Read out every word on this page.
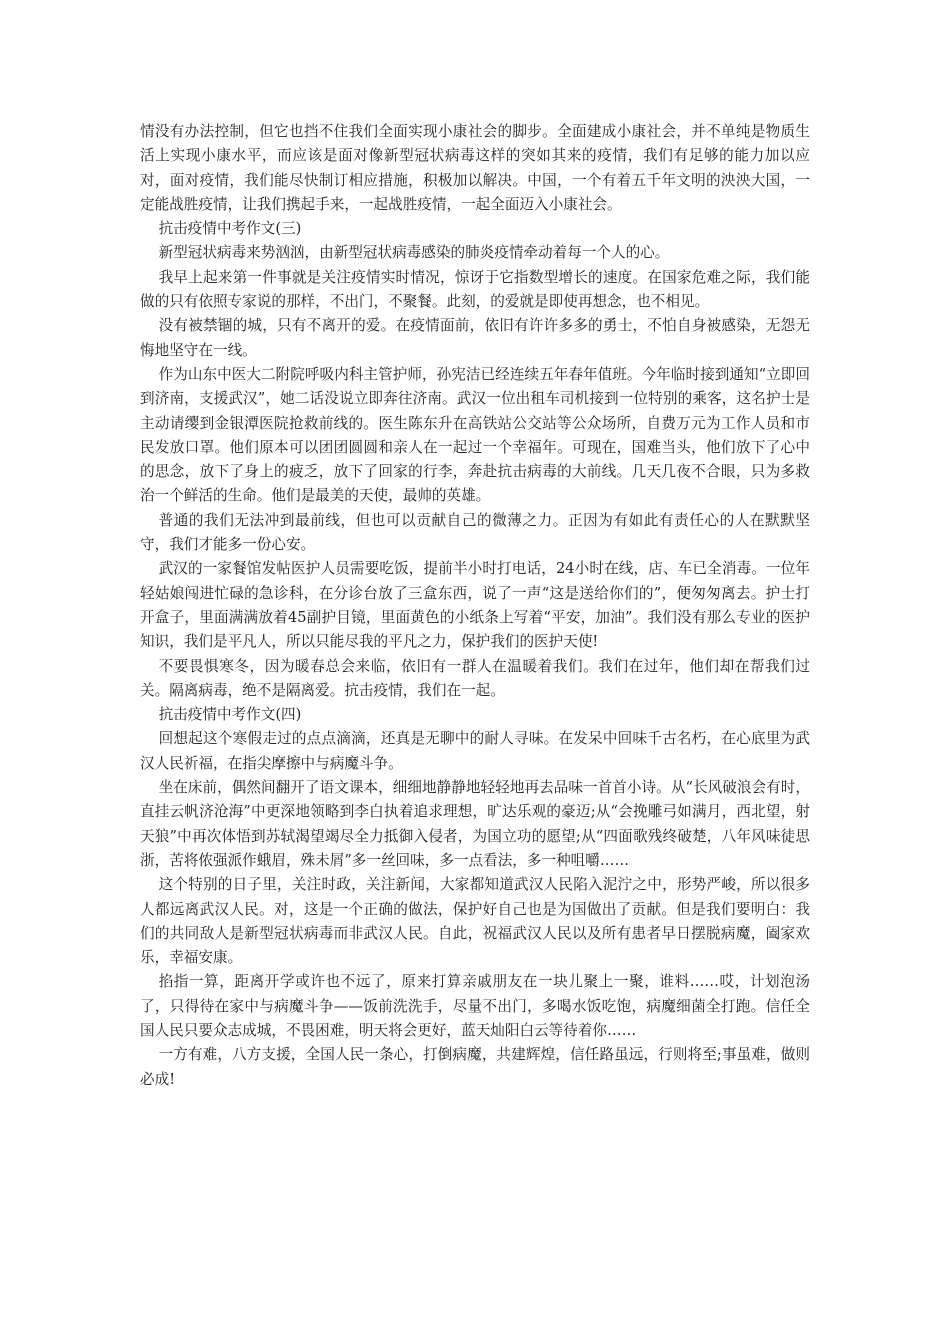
情没有办法控制，但它也挡不住我们全面实现小康社会的脚步。全面建成小康社会，并不单纯是物质生活上实现小康水平，而应该是面对像新型冠状病毒这样的突如其来的疫情，我们有足够的能力加以应对，面对疫情，我们能尽快制订相应措施，积极加以解决。中国，一个有着五千年文明的泱泱大国，一定能战胜疫情，让我们携起手来，一起战胜疫情，一起全面迈入小康社会。

抗击疫情中考作文(三)

新型冠状病毒来势汹汹，由新型冠状病毒感染的肺炎疫情牵动着每一个人的心。

我早上起来第一件事就是关注疫情实时情况，惊讶于它指数型增长的速度。在国家危难之际，我们能做的只有依照专家说的那样，不出门，不聚餐。此刻，的爱就是即使再想念，也不相见。

没有被禁锢的城，只有不离开的爱。在疫情面前，依旧有许许多多的勇士，不怕自身被感染，无怨无悔地坚守在一线。

作为山东中医大二附院呼吸内科主管护师，孙宪洁已经连续五年春年值班。今年临时接到通知“立即回到济南，支援武汉”，她二话没说立即奔往济南。武汉一位出租车司机接到一位特别的乘客，这名护士是主动请缨到金银潭医院抢救前线的。医生陈东升在高铁站公交站等公众场所，自费万元为工作人员和市民发放口罩。他们原本可以团团圆圆和亲人在一起过一个幸福年。可现在，国难当头，他们放下了心中的思念，放下了身上的疲乏，放下了回家的行李，奔赴抗击病毒的大前线。几天几夜不合眼，只为多救治一个鲜活的生命。他们是最美的天使，最帅的英雄。

普通的我们无法冲到最前线，但也可以贡献自己的微薄之力。正因为有如此有责任心的人在默默坚守，我们才能多一份心安。

武汉的一家餐馆发帖医护人员需要吃饭，提前半小时打电话，24小时在线，店、车已全消毒。一位年轻姑娘闯进忙碌的急诊科，在分诊台放了三盒东西，说了一声“这是送给你们的”，便匆匆离去。护士打开盒子，里面满满放着45副护目镜，里面黄色的小纸条上写着“平安，加油”。我们没有那么专业的医护知识，我们是平凡人，所以只能尽我的平凡之力，保护我们的医护天使!

不要畏惧寒冬，因为暖春总会来临，依旧有一群人在温暖着我们。我们在过年，他们却在帮我们过关。隔离病毒，绝不是隔离爱。抗击疫情，我们在一起。

抗击疫情中考作文(四)

回想起这个寒假走过的点点滴滴，还真是无聊中的耐人寻味。在发呆中回味千古名朽，在心底里为武汉人民祈福，在指尖摩擦中与病魔斗争。

坐在床前，偶然间翻开了语文课本，细细地静静地轻轻地再去品味一首首小诗。从“长风破浪会有时，直挂云帆济沧海”中更深地领略到李白执着追求理想，旷达乐观的豪迈;从“会挽雕弓如满月，西北望，射天狼”中再次体悟到苏轼渴望竭尽全力抵御入侵者，为国立功的愿望;从“四面歌残终破楚，八年风味徒思浙，苦将侬强派作蛾眉，殊未屑”多一丝回味，多一点看法，多一种咀嚼……

这个特别的日子里，关注时政，关注新闻，大家都知道武汉人民陷入泥泞之中，形势严峻，所以很多人都远离武汉人民。对，这是一个正确的做法，保护好自己也是为国做出了贡献。但是我们要明白：我们的共同敌人是新型冠状病毒而非武汉人民。自此，祝福武汉人民以及所有患者早日摆脱病魔，阖家欢乐，幸福安康。

掐指一算，距离开学或许也不远了，原来打算亲戚朋友在一块儿聚上一聚，谁料……哎，计划泡汤了，只得待在家中与病魔斗争——饭前洗洗手，尽量不出门，多喝水饭吃饱，病魔细菌全打跑。信任全国人民只要众志成城，不畏困难，明天将会更好，蓝天灿阳白云等待着你……

一方有难，八方支援，全国人民一条心，打倒病魔，共建辉煌，信任路虽远，行则将至;事虽难，做则必成!
